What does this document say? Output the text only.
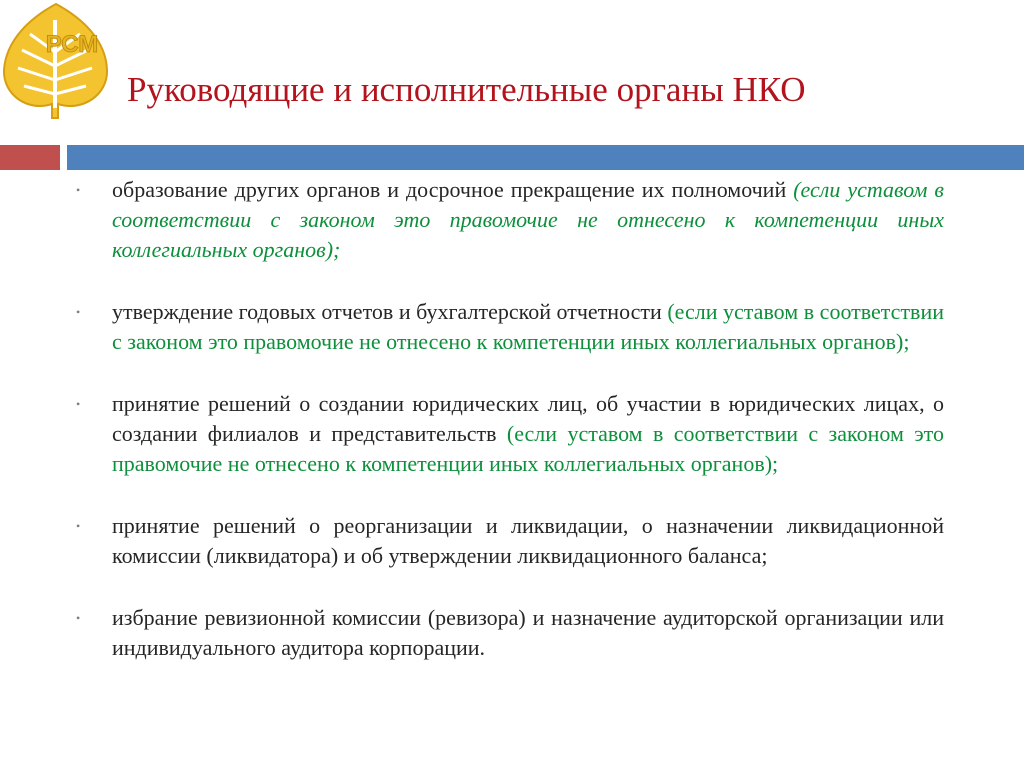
РСМ
Руководящие и исполнительные органы НКО
• образование других органов и досрочное прекращение их полномочий (если уставом в соответствии с законом это правомочие не отнесено к компетенции иных коллегиальных органов);
• утверждение годовых отчетов и бухгалтерской отчетности (если уставом в соответствии с законом это правомочие не отнесено к компетенции иных коллегиальных органов);
• принятие решений о создании юридических лиц, об участии в юридических лицах, о создании филиалов и представительств (если уставом в соответствии с законом это правомочие не отнесено к компетенции иных коллегиальных органов);
• принятие решений о реорганизации и ликвидации, о назначении ликвидационной комиссии (ликвидатора) и об утверждении ликвидационного баланса;
• избрание ревизионной комиссии (ревизора) и назначение аудиторской организации или индивидуального аудитора корпорации.
